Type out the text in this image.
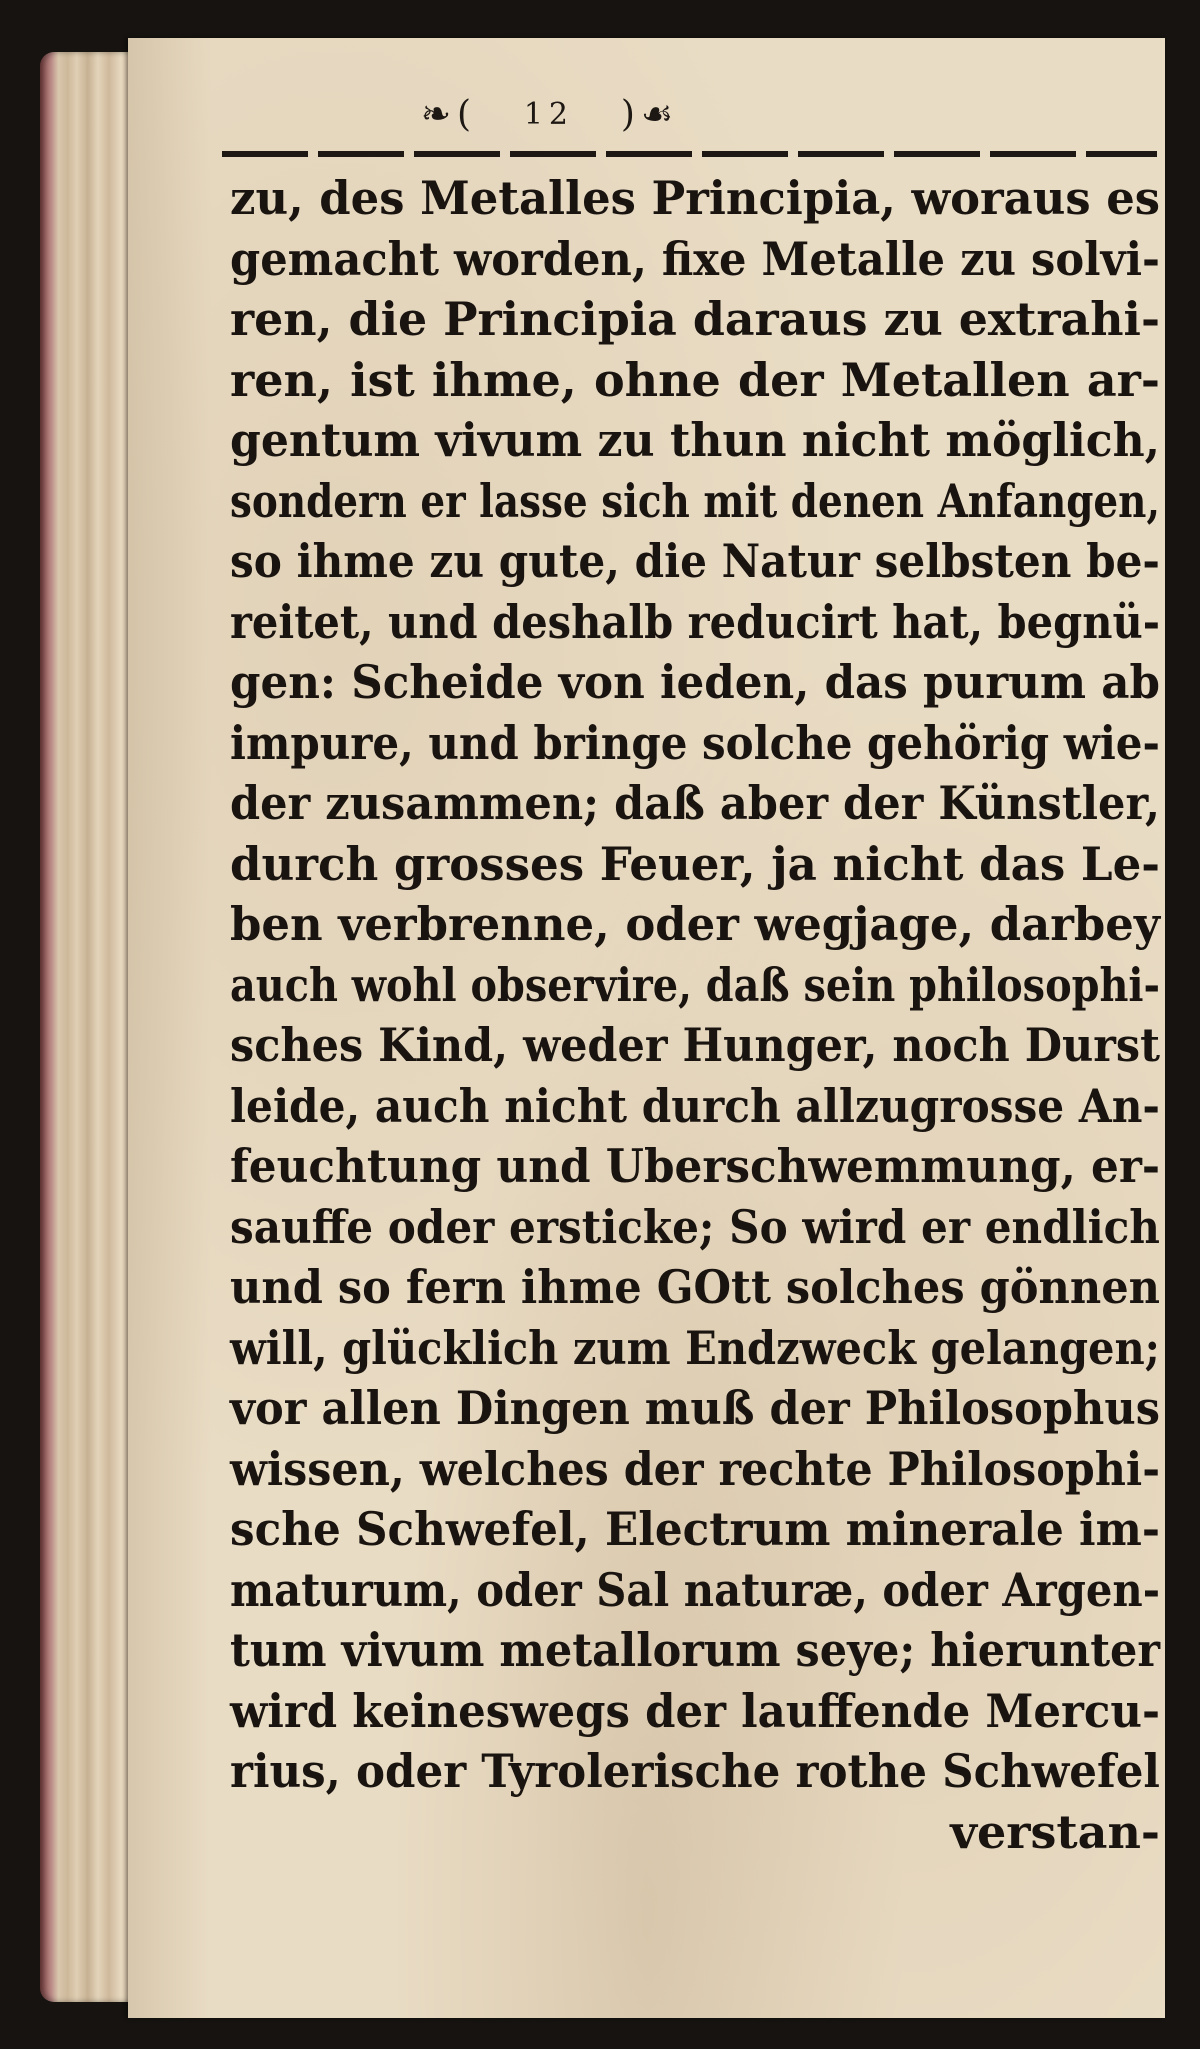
❧( 12 )☙
zu, des Metalles Principia, woraus es
gemacht worden, fixe Metalle zu solvi-
ren, die Principia daraus zu extrahi-
ren, ist ihme, ohne der Metallen ar-
gentum vivum zu thun nicht möglich,
sondern er lasse sich mit denen Anfangen,
so ihme zu gute, die Natur selbsten be-
reitet, und deshalb reducirt hat, begnü-
gen: Scheide von ieden, das purum ab
impure, und bringe solche gehörig wie-
der zusammen; daß aber der Künstler,
durch grosses Feuer, ja nicht das Le-
ben verbrenne, oder wegjage, darbey
auch wohl observire, daß sein philosophi-
sches Kind, weder Hunger, noch Durst
leide, auch nicht durch allzugrosse An-
feuchtung und Uberschwemmung, er-
sauffe oder ersticke; So wird er endlich
und so fern ihme GOtt solches gönnen
will, glücklich zum Endzweck gelangen;
vor allen Dingen muß der Philosophus
wissen, welches der rechte Philosophi-
sche Schwefel, Electrum minerale im-
maturum, oder Sal naturæ, oder Argen-
tum vivum metallorum seye; hierunter
wird keineswegs der lauffende Mercu-
rius, oder Tyrolerische rothe Schwefel
verstan-
